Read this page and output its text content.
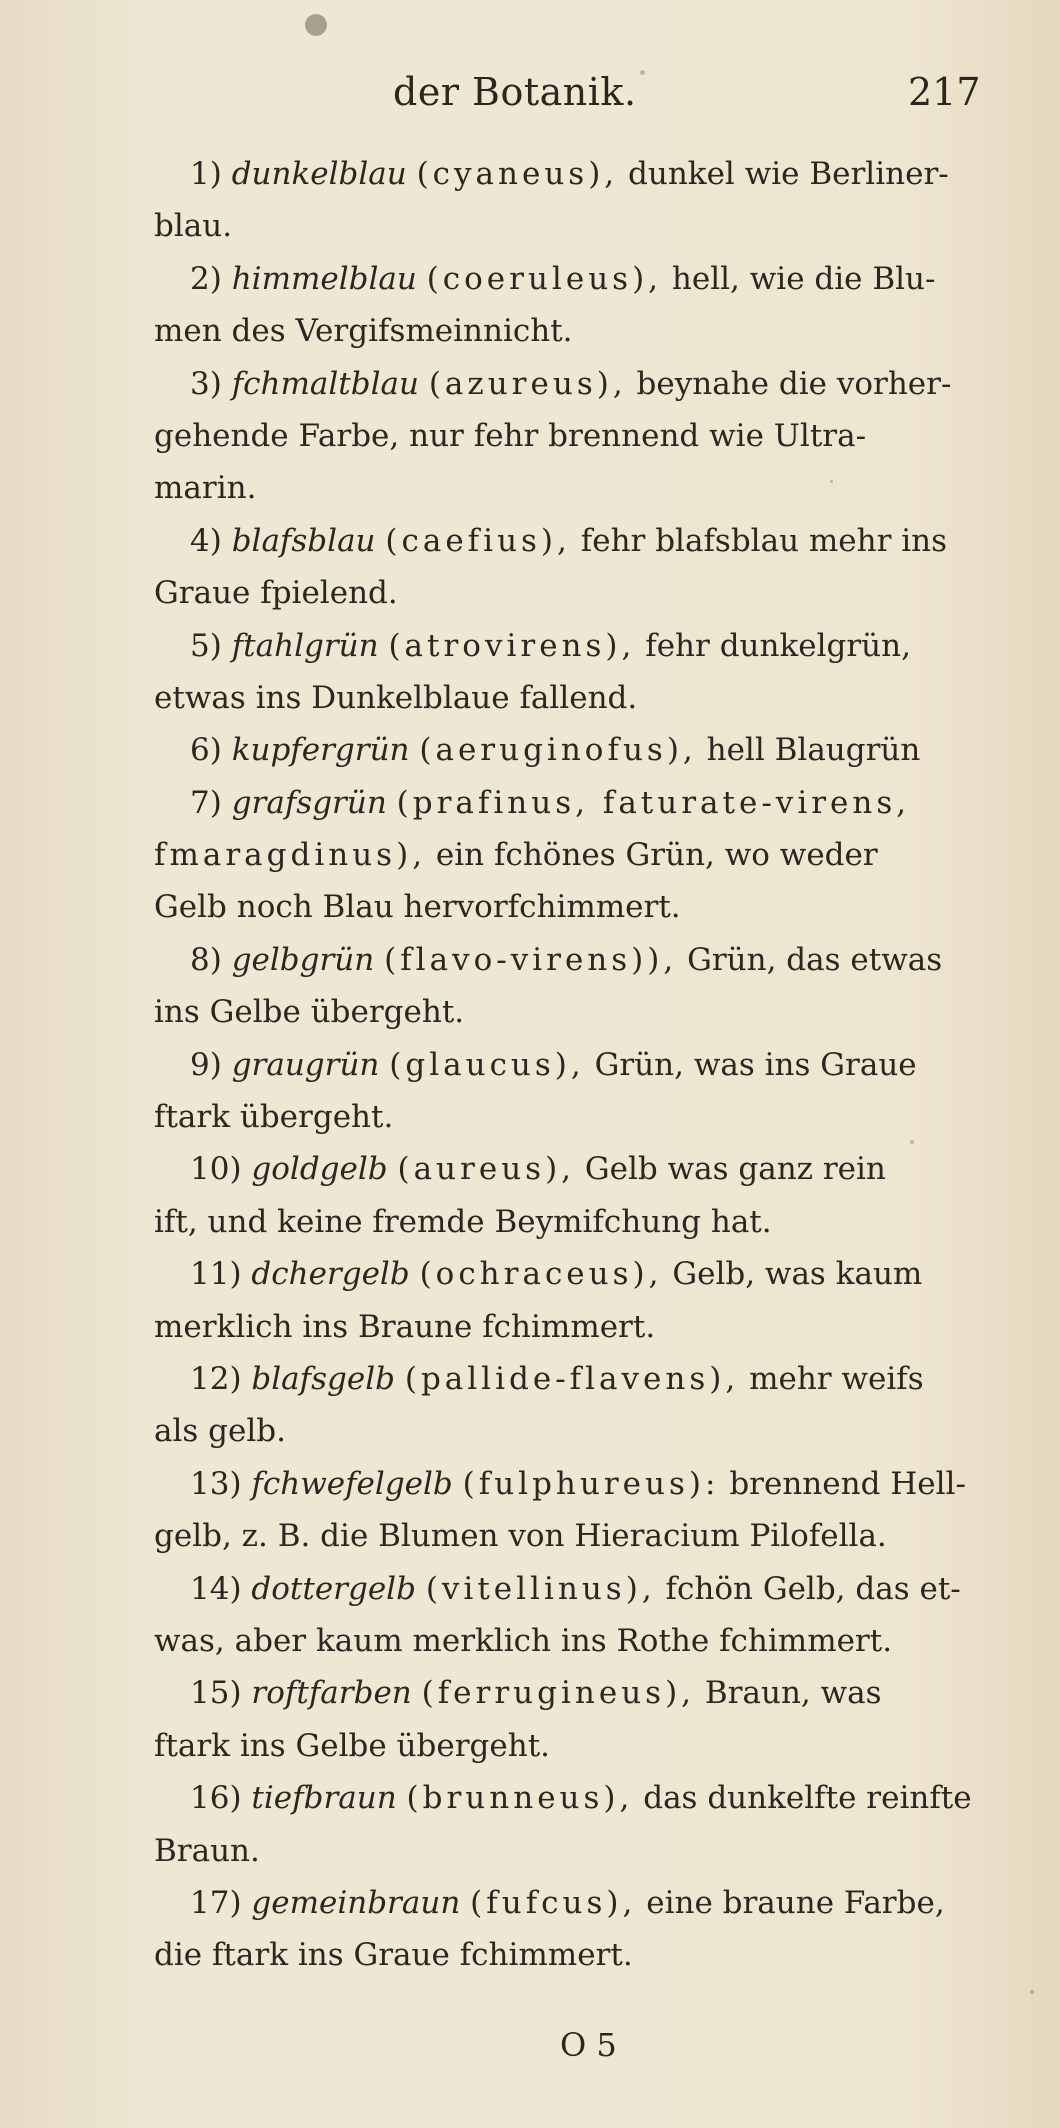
der Botanik.	217
1) dunkelblau (cyaneus), dunkel wie Berliner-
blau.
2) himmelblau (coeruleus), hell, wie die Blu-
men des Vergifsmeinnicht.
3) fchmaltblau (azureus), beynahe die vorher-
gehende Farbe, nur fehr brennend wie Ultra-
marin.
4) blafsblau (caefius), fehr blafsblau mehr ins
Graue fpielend.
5) ftahlgrün (atrovirens), fehr dunkelgrün,
etwas ins Dunkelblaue fallend.
6) kupfergrün (aeruginofus), hell Blaugrün
7) grafsgrün (prafinus, faturate-virens,
fmaragdinus), ein fchönes Grün, wo weder
Gelb noch Blau hervorfchimmert.
8) gelbgrün (flavo-virens)), Grün, das etwas
ins Gelbe übergeht.
9) graugrün (glaucus), Grün, was ins Graue
ftark übergeht.
10) goldgelb (aureus), Gelb was ganz rein
ift, und keine fremde Beymifchung hat.
11) dchergelb (ochraceus), Gelb, was kaum
merklich ins Braune fchimmert.
12) blafsgelb (pallide-flavens), mehr weifs
als gelb.
13) fchwefelgelb (fulphureus): brennend Hell-
gelb, z. B. die Blumen von Hieracium Pilofella.
14) dottergelb (vitellinus), fchön Gelb, das et-
was, aber kaum merklich ins Rothe fchimmert.
15) roftfarben (ferrugineus), Braun, was
ftark ins Gelbe übergeht.
16) tiefbraun (brunneus), das dunkelfte reinfte
Braun.
17) gemeinbraun (fufcus), eine braune Farbe,
die ftark ins Graue fchimmert.
O 5
